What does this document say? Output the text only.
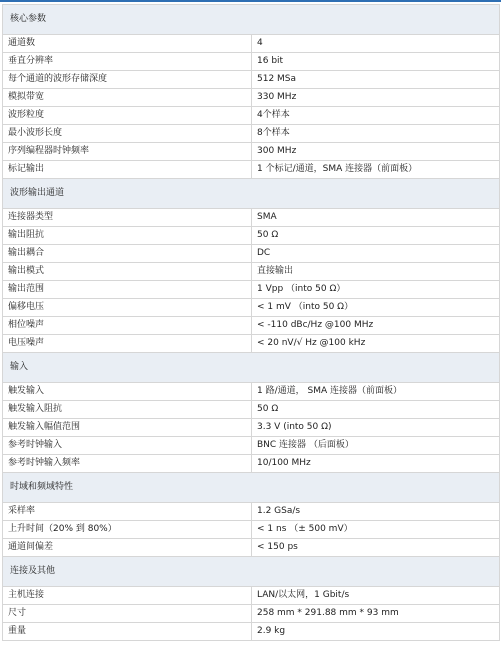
核心参数	
通道数	4
垂直分辨率	16 bit
每个通道的波形存储深度	512 MSa
模拟带宽	330 MHz
波形粒度	4个样本
最小波形长度	8个样本
序列编程器时钟频率	300 MHz
标记输出	1 个标记/通道，SMA 连接器（前面板）
波形输出通道	
连接器类型	SMA
输出阻抗	50 Ω
输出耦合	DC
输出模式	直接输出
输出范围	1 Vpp （into 50 Ω）
偏移电压	< 1 mV （into 50 Ω）
相位噪声	< -110 dBc/Hz @100 MHz
电压噪声	< 20 nV/√ Hz @100 kHz
输入	
触发输入	1 路/通道， SMA 连接器（前面板）
触发输入阻抗	50 Ω
触发输入幅值范围	3.3 V (into 50 Ω)
参考时钟输入	BNC 连接器 （后面板）
参考时钟输入频率	10/100 MHz
时域和频域特性	
采样率	1.2 GSa/s
上升时间（20% 到 80%）	< 1 ns （± 500 mV）
通道间偏差	< 150 ps
连接及其他	
主机连接	LAN/以太网，1 Gbit/s
尺寸	258 mm * 291.88 mm * 93 mm
重量	2.9 kg
